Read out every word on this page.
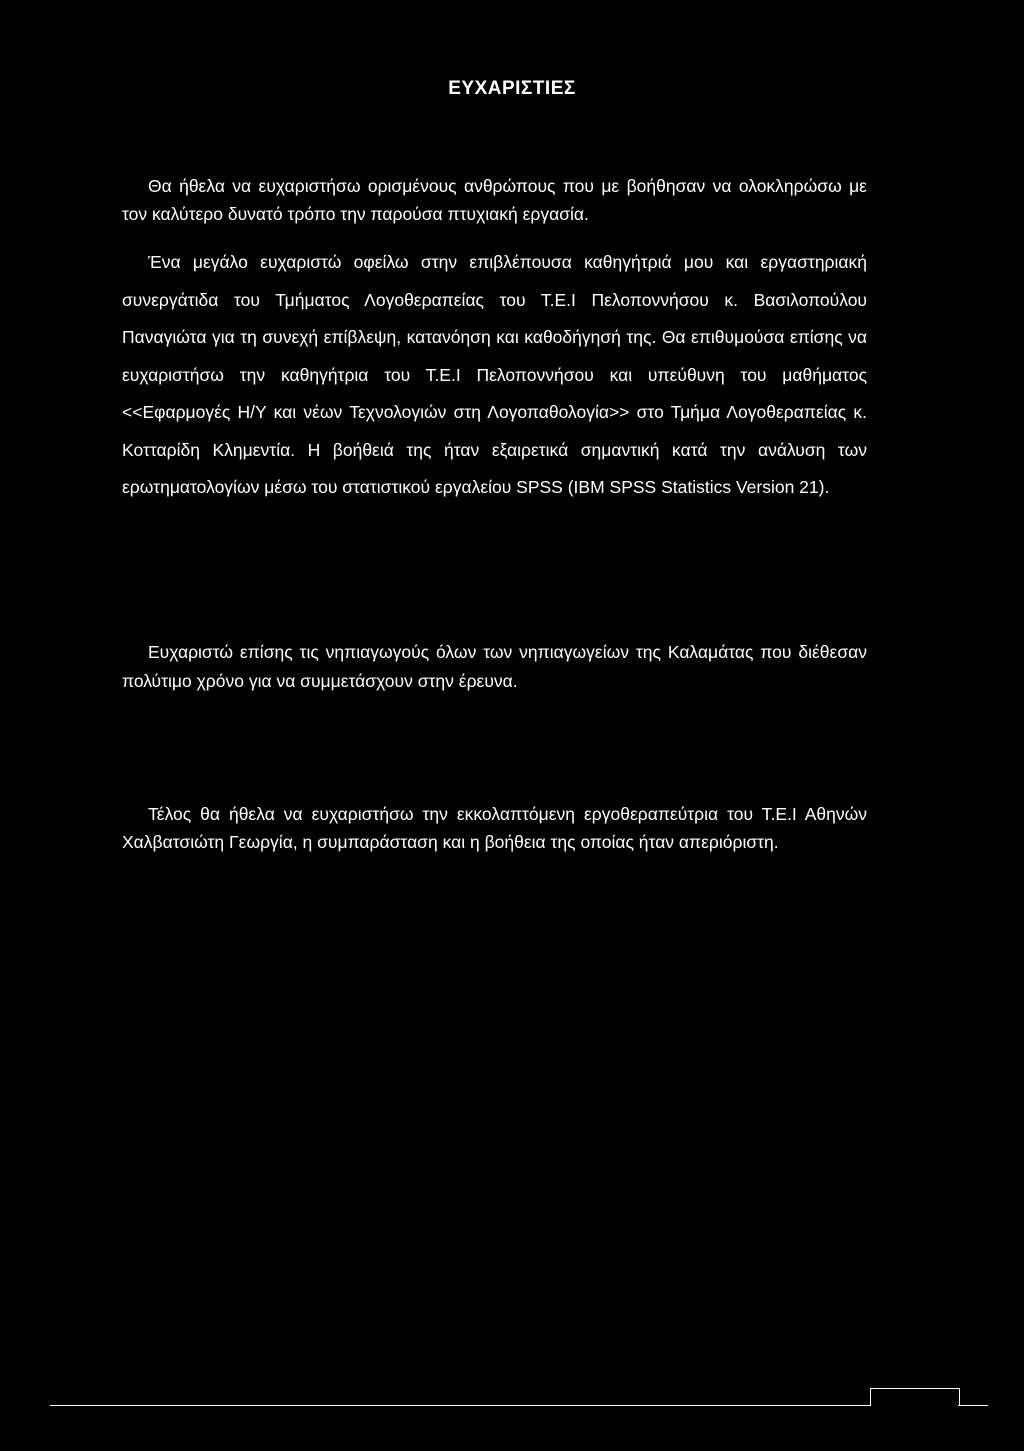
ΕΥΧΑΡΙΣΤΙΕΣ

Θα ήθελα να ευχαριστήσω ορισμένους ανθρώπους που με βοήθησαν να ολοκληρώσω με τον καλύτερο δυνατό τρόπο την παρούσα πτυχιακή εργασία.

Ένα μεγάλο ευχαριστώ οφείλω στην επιβλέπουσα καθηγήτριά μου και εργαστηριακή συνεργάτιδα του Τμήματος Λογοθεραπείας του Τ.Ε.Ι Πελοποννήσου κ. Βασιλοπούλου Παναγιώτα για τη συνεχή επίβλεψη, κατανόηση και καθοδήγησή της. Θα επιθυμούσα επίσης να ευχαριστήσω την καθηγήτρια του Τ.Ε.Ι Πελοποννήσου και υπεύθυνη του μαθήματος <<Εφαρμογές Η/Υ και νέων Τεχνολογιών στη Λογοπαθολογία>> στο Τμήμα Λογοθεραπείας κ. Κοτταρίδη Κλημεντία. Η βοήθειά της ήταν εξαιρετικά σημαντική κατά την ανάλυση των ερωτηματολογίων μέσω του στατιστικού εργαλείου SPSS (IBM SPSS Statistics Version 21).

Ευχαριστώ επίσης τις νηπιαγωγούς όλων των νηπιαγωγείων της Καλαμάτας που διέθεσαν πολύτιμο χρόνο για να συμμετάσχουν στην έρευνα.

Τέλος θα ήθελα να ευχαριστήσω την εκκολαπτόμενη εργοθεραπεύτρια του Τ.Ε.Ι Αθηνών Χαλβατσιώτη Γεωργία, η συμπαράσταση και η βοήθεια της οποίας ήταν απεριόριστη.
